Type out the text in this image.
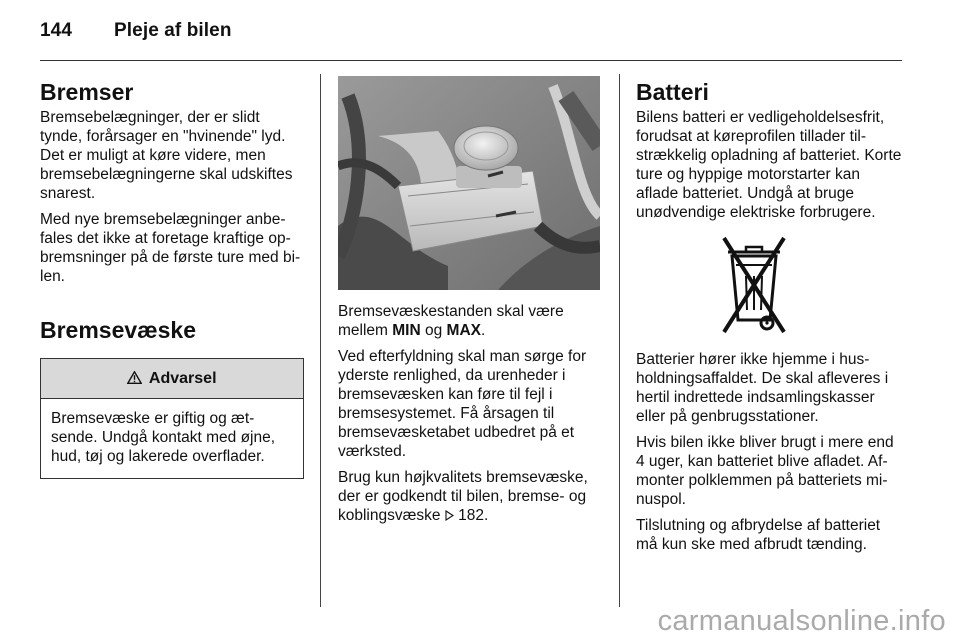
144 Pleje af bilen
Bremser

Bremsebelægninger, der er slidt tynde, forårsager en "hvinende" lyd. Det er muligt at køre videre, men bremsebelægningerne skal udskiftes snarest.

Med nye bremsebelægninger anbe-fales det ikke at foretage kraftige op-bremsninger på de første ture med bi-len.

Bremsevæske
Advarsel
Bremsevæske er giftig og æt-sende. Undgå kontakt med øjne, hud, tøj og lakerede overflader.

Bremsevæskestanden skal være mellem MIN og MAX.

Ved efterfyldning skal man sørge for yderste renlighed, da urenheder i bremsevæsken kan føre til fejl i bremsesystemet. Få årsagen til bremsevæsketabet udbedret på et værksted.

Brug kun højkvalitets bremsevæske, der er godkendt til bilen, bremse- og koblingsvæske 182.

Batteri

Bilens batteri er vedligeholdelsesfrit, forudsat at køreprofilen tillader til-strækkelig opladning af batteriet. Korte ture og hyppige motorstarter kan aflade batteriet. Undgå at bruge unødvendige elektriske forbrugere.

Batterier hører ikke hjemme i hus-holdningsaffaldet. De skal afleveres i hertil indrettede indsamlingskasser eller på genbrugsstationer.

Hvis bilen ikke bliver brugt i mere end 4 uger, kan batteriet blive afladet. Af-monter polklemmen på batteriets mi-nuspol.

Tilslutning og afbrydelse af batteriet må kun ske med afbrudt tænding.

carmanualsonline.info
